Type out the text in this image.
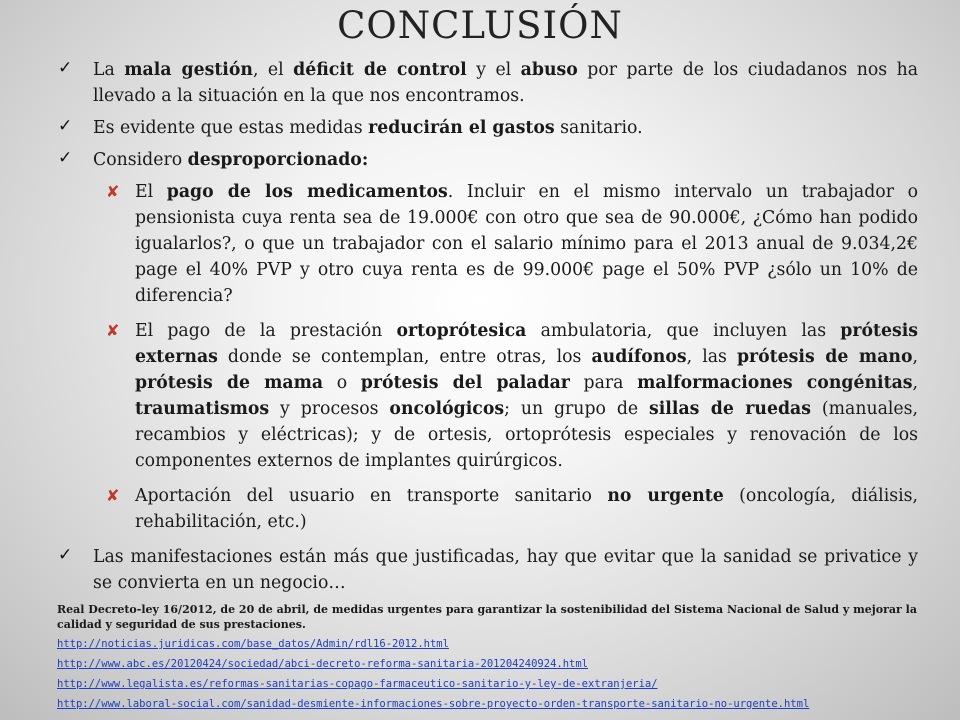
CONCLUSIÓN
✓	La mala gestión, el déficit de control y el abuso por parte de los ciudadanos nos ha llevado a la situación en la que nos encontramos.
✓	Es evidente que estas medidas reducirán el gastos sanitario.
✓	Considero desproporcionado:
✘ El pago de los medicamentos. Incluir en el mismo intervalo un trabajador o pensionista cuya renta sea de 19.000€ con otro que sea de 90.000€, ¿Cómo han podido igualarlos?, o que un trabajador con el salario mínimo para el 2013 anual de 9.034,2€ page el 40% PVP y otro cuya renta es de 99.000€ page el 50% PVP ¿sólo un 10% de diferencia?
✘ El pago de la prestación ortoprótesica ambulatoria, que incluyen las prótesis externas donde se contemplan, entre otras, los audífonos, las prótesis de mano, prótesis de mama o prótesis del paladar para malformaciones congénitas, traumatismos y procesos oncológicos; un grupo de sillas de ruedas (manuales, recambios y eléctricas); y de ortesis, ortoprótesis especiales y renovación de los componentes externos de implantes quirúrgicos.
✘ Aportación del usuario en transporte sanitario no urgente (oncología, diálisis, rehabilitación, etc.)
✓	Las manifestaciones están más que justificadas, hay que evitar que la sanidad se privatice y se convierta en un negocio…
Real Decreto-ley 16/2012, de 20 de abril, de medidas urgentes para garantizar la sostenibilidad del Sistema Nacional de Salud y mejorar la calidad y seguridad de sus prestaciones.
http://noticias.juridicas.com/base_datos/Admin/rdl16-2012.html
http://www.abc.es/20120424/sociedad/abci-decreto-reforma-sanitaria-201204240924.html
http://www.legalista.es/reformas-sanitarias-copago-farmaceutico-sanitario-y-ley-de-extranjeria/
http://www.laboral-social.com/sanidad-desmiente-informaciones-sobre-proyecto-orden-transporte-sanitario-no-urgente.html
